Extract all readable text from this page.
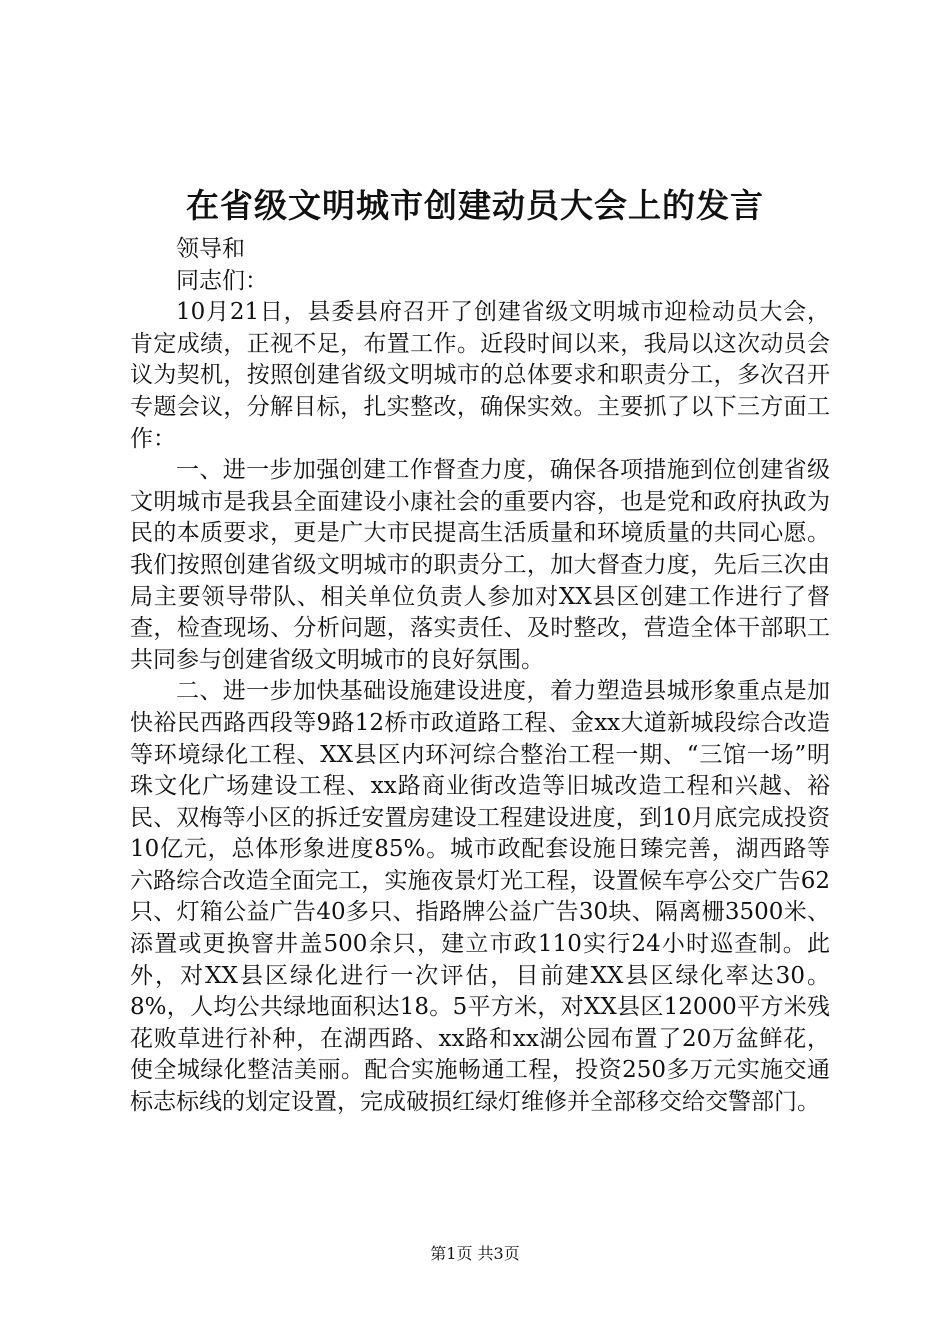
在省级文明城市创建动员大会上的发言

领导和

同志们：

10月21日，县委县府召开了创建省级文明城市迎检动员大会，肯定成绩，正视不足，布置工作。近段时间以来，我局以这次动员会议为契机，按照创建省级文明城市的总体要求和职责分工，多次召开专题会议，分解目标，扎实整改，确保实效。主要抓了以下三方面工作：

一、进一步加强创建工作督查力度，确保各项措施到位创建省级文明城市是我县全面建设小康社会的重要内容，也是党和政府执政为民的本质要求，更是广大市民提高生活质量和环境质量的共同心愿。我们按照创建省级文明城市的职责分工，加大督查力度，先后三次由局主要领导带队、相关单位负责人参加对XX县区创建工作进行了督查，检查现场、分析问题，落实责任、及时整改，营造全体干部职工共同参与创建省级文明城市的良好氛围。

二、进一步加快基础设施建设进度，着力塑造县城形象重点是加快裕民西路西段等9路12桥市政道路工程、金xx大道新城段综合改造等环境绿化工程、XX县区内环河综合整治工程一期、“三馆一场”明珠文化广场建设工程、xx路商业街改造等旧城改造工程和兴越、裕民、双梅等小区的拆迁安置房建设工程建设进度，到10月底完成投资10亿元，总体形象进度85%。城市政配套设施日臻完善，湖西路等六路综合改造全面完工，实施夜景灯光工程，设置候车亭公交广告62只、灯箱公益广告40多只、指路牌公益广告30块、隔离栅3500米、添置或更换窨井盖500余只，建立市政110实行24小时巡查制。此外，对XX县区绿化进行一次评估，目前建XX县区绿化率达30。8%，人均公共绿地面积达18。5平方米，对XX县区12000平方米残花败草进行补种，在湖西路、xx路和xx湖公园布置了20万盆鲜花，使全城绿化整洁美丽。配合实施畅通工程，投资250多万元实施交通标志标线的划定设置，完成破损红绿灯维修并全部移交给交警部门。

第1页 共3页
